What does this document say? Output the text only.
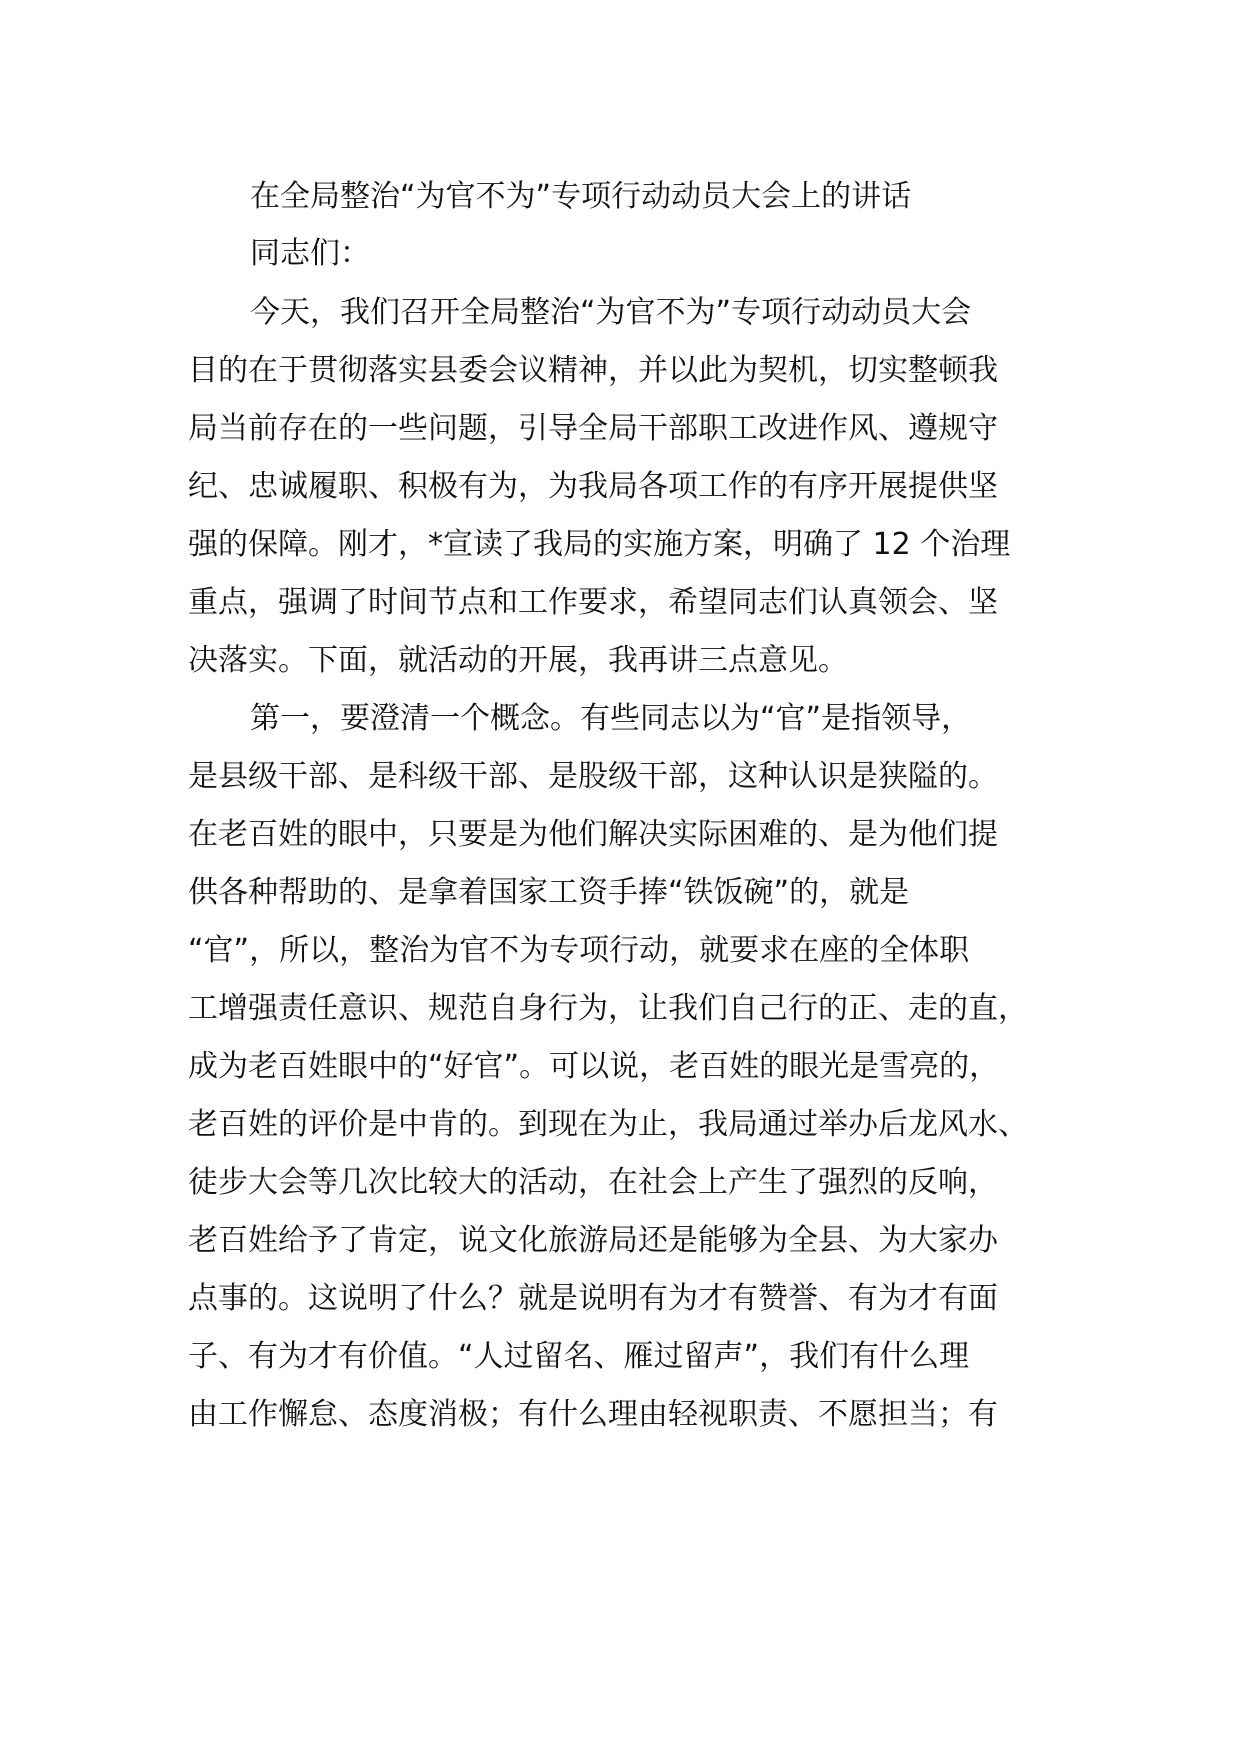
在全局整治“为官不为”专项行动动员大会上的讲话

同志们：

今天，我们召开全局整治“为官不为”专项行动动员大会

目的在于贯彻落实县委会议精神，并以此为契机，切实整顿我

局当前存在的一些问题，引导全局干部职工改进作风、遵规守

纪、忠诚履职、积极有为，为我局各项工作的有序开展提供坚

强的保障。刚才，*宣读了我局的实施方案，明确了 12 个治理

重点，强调了时间节点和工作要求，希望同志们认真领会、坚

决落实。下面，就活动的开展，我再讲三点意见。

第一，要澄清一个概念。有些同志以为“官”是指领导，

是县级干部、是科级干部、是股级干部，这种认识是狭隘的。

在老百姓的眼中，只要是为他们解决实际困难的、是为他们提

供各种帮助的、是拿着国家工资手捧“铁饭碗”的，就是

“官”，所以，整治为官不为专项行动，就要求在座的全体职

工增强责任意识、规范自身行为，让我们自己行的正、走的直，

成为老百姓眼中的“好官”。可以说，老百姓的眼光是雪亮的，

老百姓的评价是中肯的。到现在为止，我局通过举办后龙风水、

徒步大会等几次比较大的活动，在社会上产生了强烈的反响，

老百姓给予了肯定，说文化旅游局还是能够为全县、为大家办

点事的。这说明了什么？就是说明有为才有赞誉、有为才有面

子、有为才有价值。“人过留名、雁过留声”，我们有什么理

由工作懈怠、态度消极；有什么理由轻视职责、不愿担当；有
